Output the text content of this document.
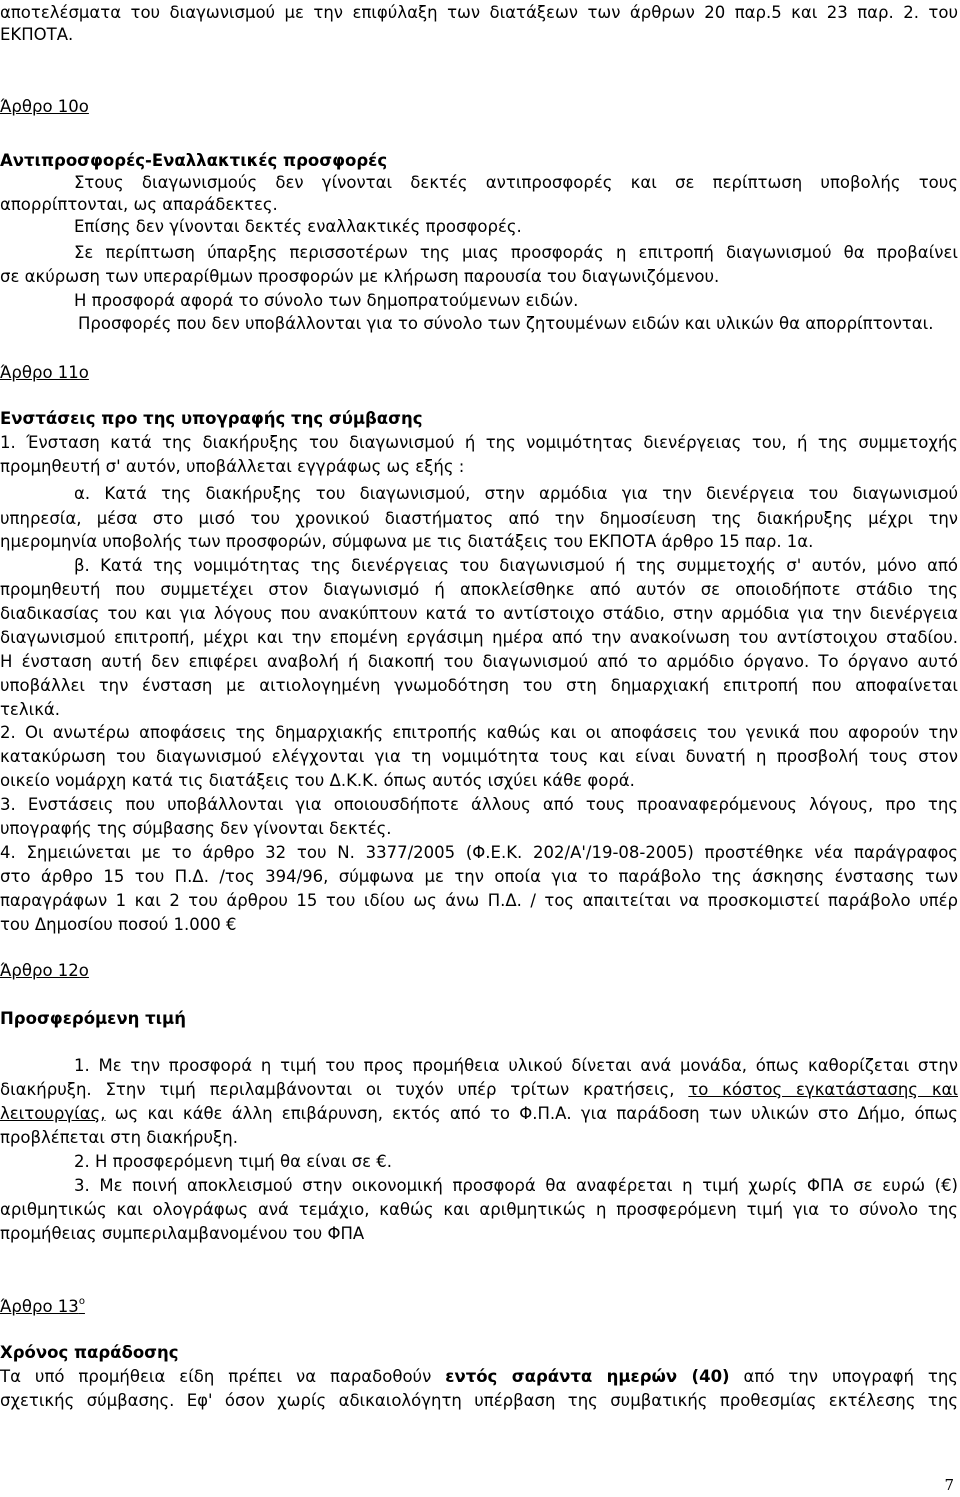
αποτελέσματα του διαγωνισμού με την επιφύλαξη των διατάξεων των άρθρων 20 παρ.5 και 23 παρ. 2. του

ΕΚΠΟΤΑ.

Άρθρο 10ο

Αντιπροσφορές-Εναλλακτικές προσφορές

Στους διαγωνισμούς δεν γίνονται δεκτές αντιπροσφορές και σε περίπτωση υποβολής τους

απορρίπτονται, ως απαράδεκτες.

Επίσης δεν γίνονται δεκτές εναλλακτικές προσφορές.

Σε περίπτωση ύπαρξης περισσοτέρων της μιας προσφοράς η επιτροπή διαγωνισμού θα προβαίνει

σε ακύρωση των υπεραρίθμων προσφορών με κλήρωση παρουσία του διαγωνιζόμενου.

Η προσφορά αφορά το σύνολο των δημοπρατούμενων ειδών.

Προσφορές που δεν υποβάλλονται για το σύνολο των ζητουμένων ειδών και υλικών θα απορρίπτονται.

Άρθρο 11ο

Ενστάσεις προ της υπογραφής της σύμβασης

1. Ένσταση κατά της διακήρυξης του διαγωνισμού ή της νομιμότητας διενέργειας του, ή της συμμετοχής

προμηθευτή σ' αυτόν, υποβάλλεται εγγράφως ως εξής :

α. Κατά της διακήρυξης του διαγωνισμού, στην αρμόδια για την διενέργεια του διαγωνισμού

υπηρεσία, μέσα στο μισό του χρονικού διαστήματος από την δημοσίευση της διακήρυξης μέχρι την

ημερομηνία υποβολής των προσφορών, σύμφωνα με τις διατάξεις του ΕΚΠΟΤΑ άρθρο 15 παρ. 1α.

β. Κατά της νομιμότητας της διενέργειας του διαγωνισμού ή της συμμετοχής σ' αυτόν, μόνο από

προμηθευτή που συμμετέχει στον διαγωνισμό ή αποκλείσθηκε από αυτόν σε οποιοδήποτε στάδιο της

διαδικασίας του και για λόγους που ανακύπτουν κατά το αντίστοιχο στάδιο, στην αρμόδια για την διενέργεια

διαγωνισμού επιτροπή, μέχρι και την επομένη εργάσιμη ημέρα από την ανακοίνωση του αντίστοιχου σταδίου.

Η ένσταση αυτή δεν επιφέρει αναβολή ή διακοπή του διαγωνισμού από το αρμόδιο όργανο. Το όργανο αυτό

υποβάλλει την ένσταση με αιτιολογημένη γνωμοδότηση του στη δημαρχιακή επιτροπή που αποφαίνεται

τελικά.

2. Οι ανωτέρω αποφάσεις της δημαρχιακής επιτροπής καθώς και οι αποφάσεις του γενικά που αφορούν την

κατακύρωση του διαγωνισμού ελέγχονται για τη νομιμότητα τους και είναι δυνατή η προσβολή τους στον

οικείο νομάρχη κατά τις διατάξεις του Δ.Κ.Κ. όπως αυτός ισχύει κάθε φορά.

3. Ενστάσεις που υποβάλλονται για οποιουσδήποτε άλλους από τους προαναφερόμενους λόγους, προ της

υπογραφής της σύμβασης δεν γίνονται δεκτές.

4. Σημειώνεται με το άρθρο 32 του Ν. 3377/2005 (Φ.Ε.Κ. 202/Α'/19-08-2005) προστέθηκε νέα παράγραφος

στο άρθρο 15 του Π.Δ. /τος 394/96, σύμφωνα με την οποία για το παράβολο της άσκησης ένστασης των

παραγράφων 1 και 2 του άρθρου 15 του ιδίου ως άνω Π.Δ. / τος απαιτείται να προσκομιστεί παράβολο υπέρ

του Δημοσίου ποσού 1.000 €

Άρθρο 12ο

Προσφερόμενη τιμή

1. Με την προσφορά η τιμή του προς προμήθεια υλικού δίνεται ανά μονάδα, όπως καθορίζεται στην

διακήρυξη. Στην τιμή περιλαμβάνονται οι τυχόν υπέρ τρίτων κρατήσεις, το κόστος εγκατάστασης και

λειτουργίας, ως και κάθε άλλη επιβάρυνση, εκτός από το Φ.Π.Α. για παράδοση των υλικών στο Δήμο, όπως

προβλέπεται στη διακήρυξη.

2. Η προσφερόμενη τιμή θα είναι σε €.

3. Με ποινή αποκλεισμού στην οικονομική προσφορά θα αναφέρεται η τιμή χωρίς ΦΠΑ σε ευρώ (€)

αριθμητικώς και ολογράφως ανά τεμάχιο, καθώς και αριθμητικώς η προσφερόμενη τιμή για το σύνολο της

προμήθειας συμπεριλαμβανομένου του ΦΠΑ

Άρθρο $13^o$

Χρόνος παράδοσης

Τα υπό προμήθεια είδη πρέπει να παραδοθούν εντός σαράντα ημερών (40) από την υπογραφή της

σχετικής σύμβασης. Εφ' όσον χωρίς αδικαιολόγητη υπέρβαση της συμβατικής προθεσμίας εκτέλεσης της

7
